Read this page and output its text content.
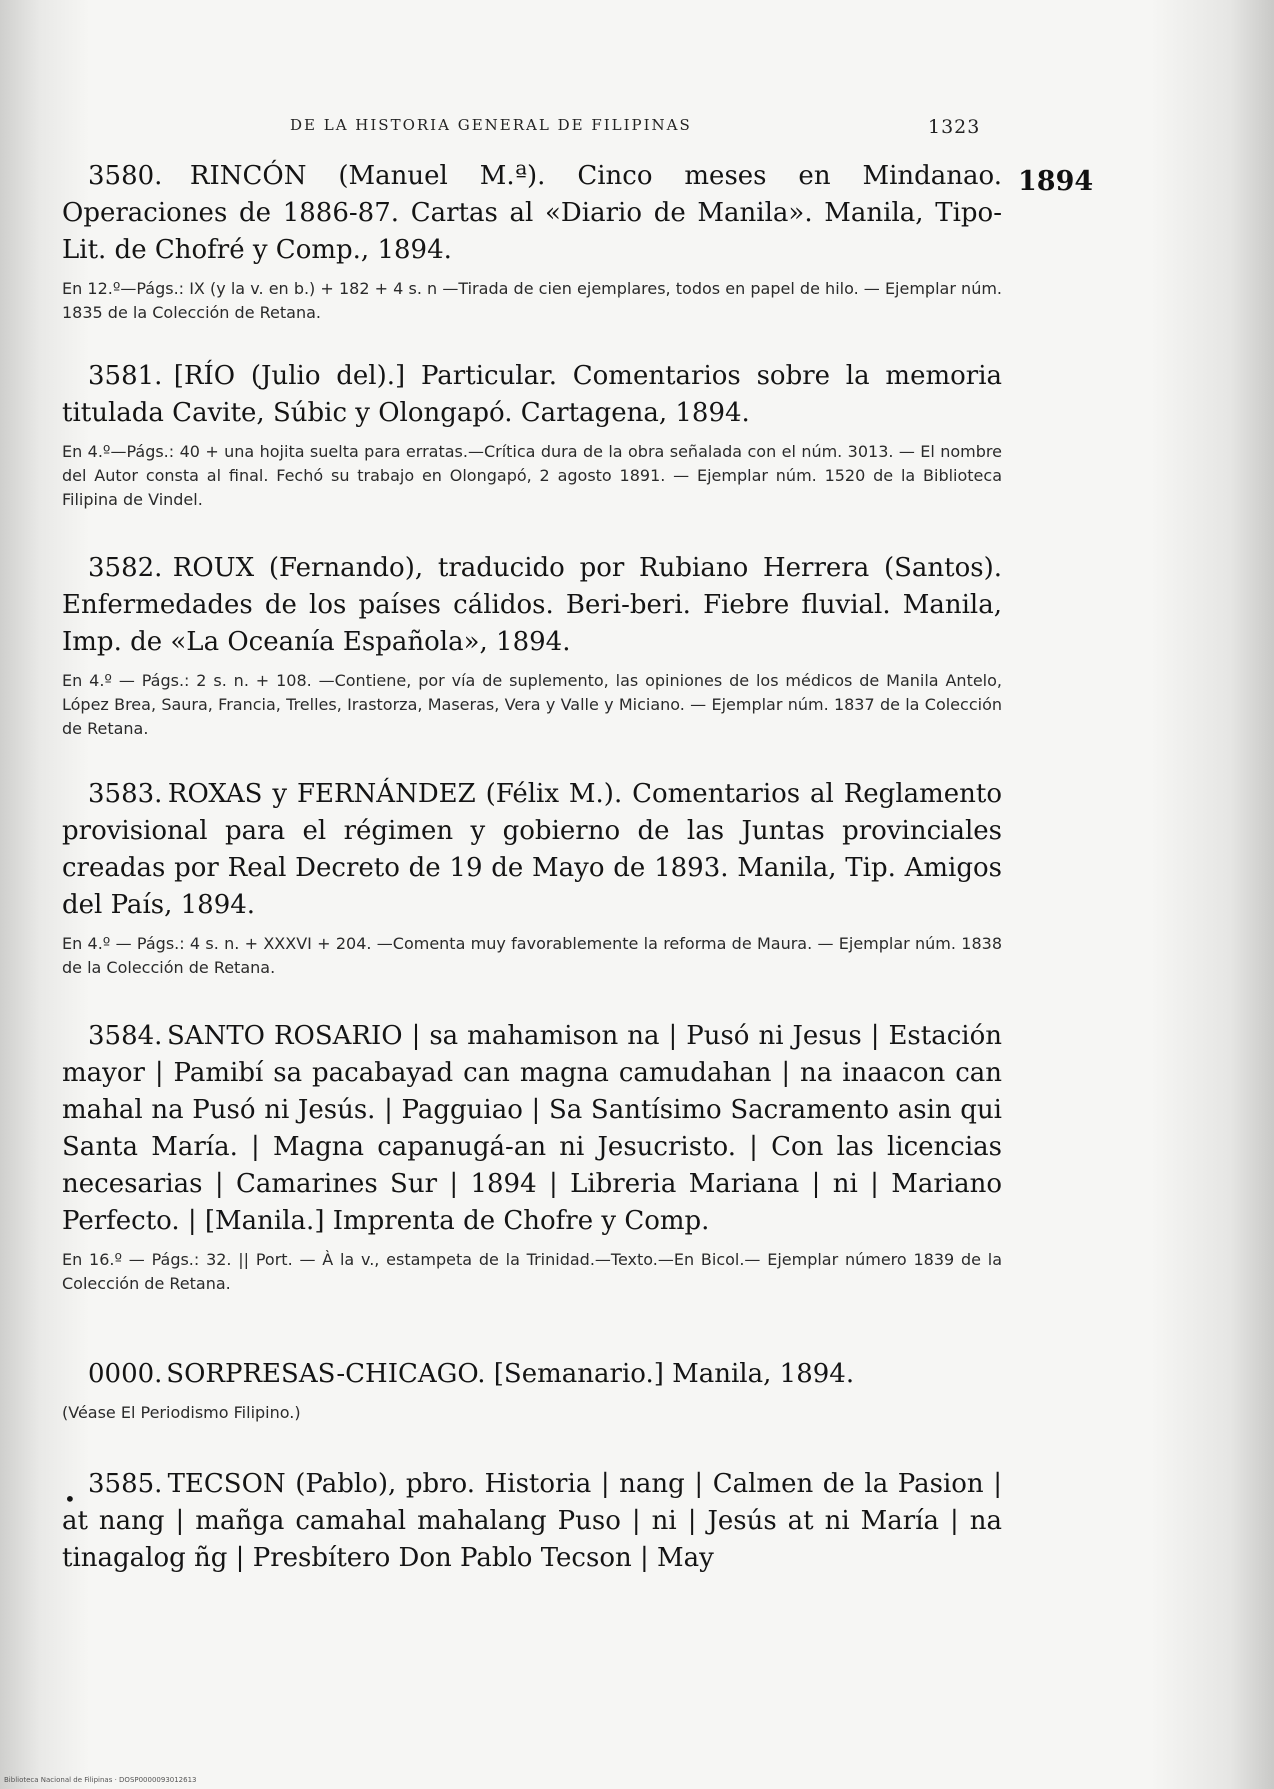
DE LA HISTORIA GENERAL DE FILIPINAS	1323
1894

3580. RINCÓN (Manuel M.ª). Cinco meses en Mindanao. Operaciones de 1886-87. Cartas al «Diario de Manila». Manila, Tipo-Lit. de Chofré y Comp., 1894.

En 12.º—Págs.: IX (y la v. en b.) + 182 + 4 s. n —Tirada de cien ejemplares, todos en papel de hilo. — Ejemplar núm. 1835 de la Colección de Retana.

3581. [RÍO (Julio del).] Particular. Comentarios sobre la memoria titulada Cavite, Súbic y Olongapó. Cartagena, 1894.

En 4.º—Págs.: 40 + una hojita suelta para erratas.—Crítica dura de la obra señalada con el núm. 3013. — El nombre del Autor consta al final. Fechó su trabajo en Olongapó, 2 agosto 1891. — Ejemplar núm. 1520 de la Biblioteca Filipina de Vindel.

3582. ROUX (Fernando), traducido por Rubiano Herrera (Santos). Enfermedades de los países cálidos. Beri-beri. Fiebre fluvial. Manila, Imp. de «La Oceanía Española», 1894.

En 4.º — Págs.: 2 s. n. + 108. —Contiene, por vía de suplemento, las opiniones de los médicos de Manila Antelo, López Brea, Saura, Francia, Trelles, Irastorza, Maseras, Vera y Valle y Miciano. — Ejemplar núm. 1837 de la Colección de Retana.

3583. ROXAS y FERNÁNDEZ (Félix M.). Comentarios al Reglamento provisional para el régimen y gobierno de las Juntas provinciales creadas por Real Decreto de 19 de Mayo de 1893. Manila, Tip. Amigos del País, 1894.

En 4.º — Págs.: 4 s. n. + XXXVI + 204. —Comenta muy favorablemente la reforma de Maura. — Ejemplar núm. 1838 de la Colección de Retana.

3584. SANTO ROSARIO | sa mahamison na | Pusó ni Jesus | Estación mayor | Pamibí sa pacabayad can magna camudahan | na inaacon can mahal na Pusó ni Jesús. | Pagguiao | Sa Santísimo Sacramento asin qui Santa María. | Magna capanugá-an ni Jesucristo. | Con las licencias necesarias | Camarines Sur | 1894 | Libreria Mariana | ni | Mariano Perfecto. | [Manila.] Imprenta de Chofre y Comp.

En 16.º — Págs.: 32. || Port. — À la v., estampeta de la Trinidad.—Texto.—En Bicol.— Ejemplar número 1839 de la Colección de Retana.

0000. SORPRESAS-CHICAGO. [Semanario.] Manila, 1894.

(Véase El Periodismo Filipino.)

• 3585. TECSON (Pablo), pbro. Historia | nang | Calmen de la Pasion | at nang | mañga camahal mahalang Puso | ni | Jesús at ni María | na tinagalog ñg | Presbítero Don Pablo Tecson | May

Biblioteca Nacional de Filipinas · DOSP0000093012613
